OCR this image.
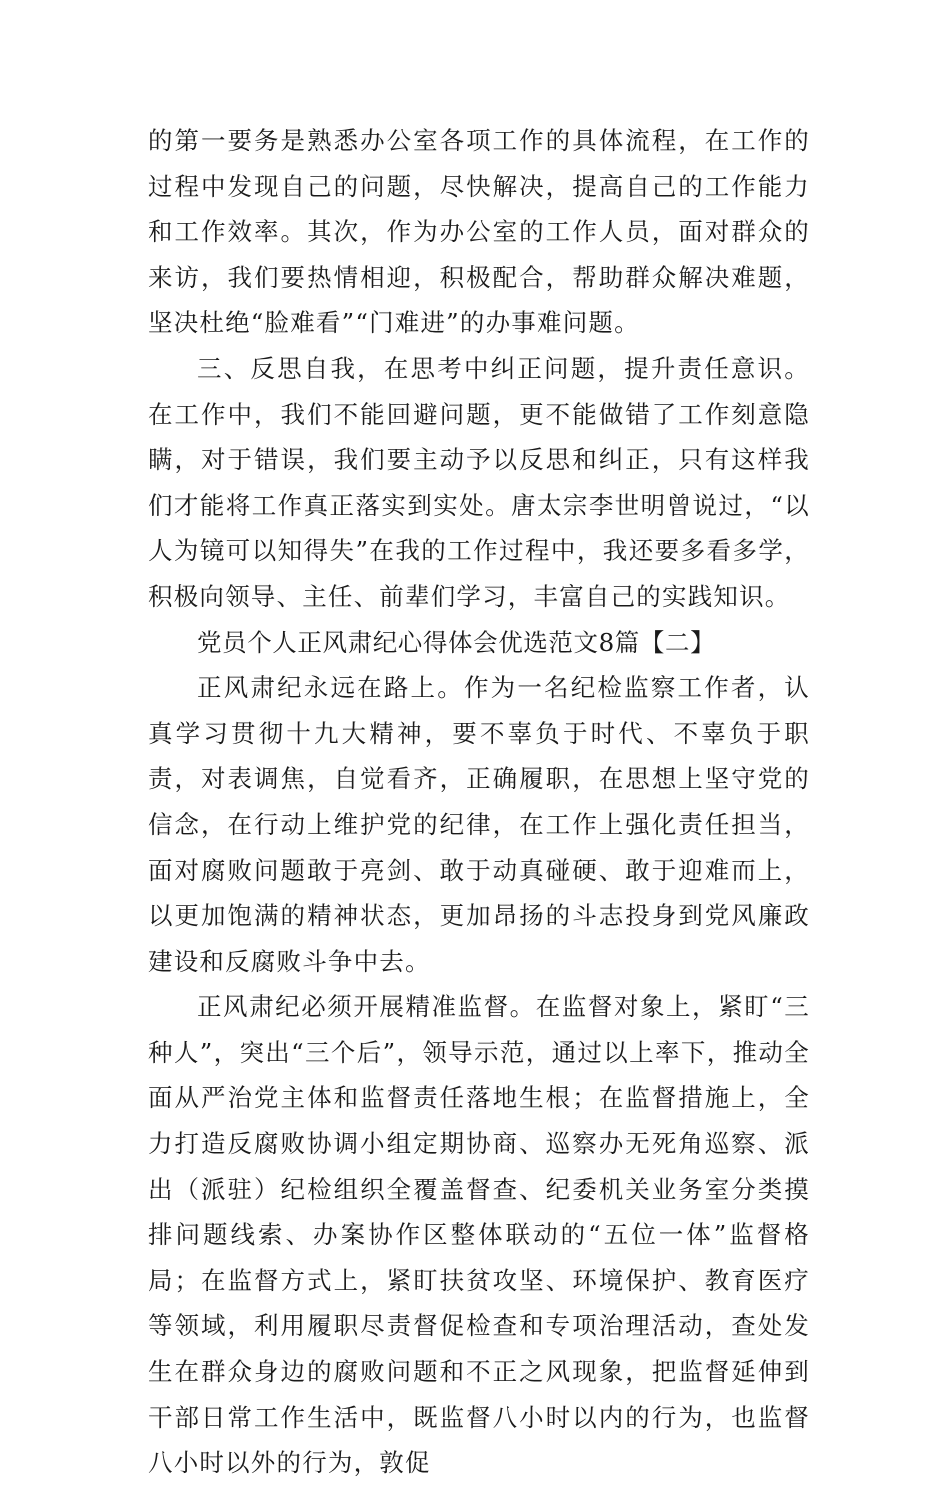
的第一要务是熟悉办公室各项工作的具体流程，在工作的过程中发现自己的问题，尽快解决，提高自己的工作能力和工作效率。其次，作为办公室的工作人员，面对群众的来访，我们要热情相迎，积极配合，帮助群众解决难题，坚决杜绝“脸难看”“门难进”的办事难问题。

三、反思自我，在思考中纠正问题，提升责任意识。在工作中，我们不能回避问题，更不能做错了工作刻意隐瞒，对于错误，我们要主动予以反思和纠正，只有这样我们才能将工作真正落实到实处。唐太宗李世明曾说过，“以人为镜可以知得失”在我的工作过程中，我还要多看多学，积极向领导、主任、前辈们学习，丰富自己的实践知识。

党员个人正风肃纪心得体会优选范文8篇【二】

正风肃纪永远在路上。作为一名纪检监察工作者，认真学习贯彻十九大精神，要不辜负于时代、不辜负于职责，对表调焦，自觉看齐，正确履职，在思想上坚守党的信念，在行动上维护党的纪律，在工作上强化责任担当，面对腐败问题敢于亮剑、敢于动真碰硬、敢于迎难而上，以更加饱满的精神状态，更加昂扬的斗志投身到党风廉政建设和反腐败斗争中去。

正风肃纪必须开展精准监督。在监督对象上，紧盯“三种人”，突出“三个后”，领导示范，通过以上率下，推动全面从严治党主体和监督责任落地生根；在监督措施上，全力打造反腐败协调小组定期协商、巡察办无死角巡察、派出（派驻）纪检组织全覆盖督查、纪委机关业务室分类摸排问题线索、办案协作区整体联动的“五位一体”监督格局；在监督方式上，紧盯扶贫攻坚、环境保护、教育医疗等领域，利用履职尽责督促检查和专项治理活动，查处发生在群众身边的腐败问题和不正之风现象，把监督延伸到干部日常工作生活中，既监督八小时以内的行为，也监督八小时以外的行为，敦促
